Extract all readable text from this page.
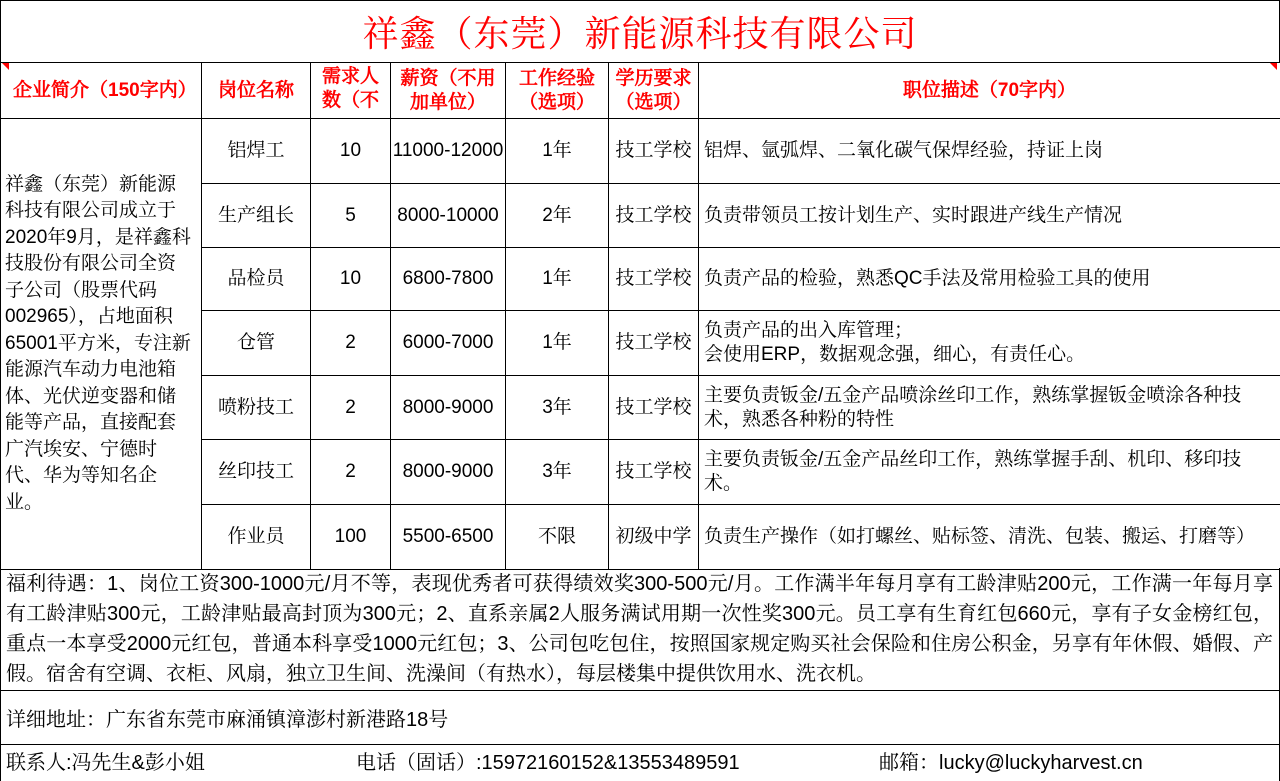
祥鑫（东莞）新能源科技有限公司
企业简介（150字内）	岗位名称	需求人数（不	薪资（不用加单位）	工作经验（选项）	学历要求（选项）	职位描述（70字内）
祥鑫（东莞）新能源科技有限公司成立于2020年9月，是祥鑫科技股份有限公司全资子公司（股票代码002965），占地面积65001平方米，专注新能源汽车动力电池箱体、光伏逆变器和储能等产品，直接配套广汽埃安、宁德时代、华为等知名企业。	铝焊工	10	11000-12000	1年	技工学校	铝焊、氩弧焊、二氧化碳气保焊经验，持证上岗
	生产组长	5	8000-10000	2年	技工学校	负责带领员工按计划生产、实时跟进产线生产情况
	品检员	10	6800-7800	1年	技工学校	负责产品的检验，熟悉QC手法及常用检验工具的使用
	仓管	2	6000-7000	1年	技工学校	负责产品的出入库管理；
会使用ERP，数据观念强，细心，有责任心。
	喷粉技工	2	8000-9000	3年	技工学校	主要负责钣金/五金产品喷涂丝印工作，熟练掌握钣金喷涂各种技术，熟悉各种粉的特性
	丝印技工	2	8000-9000	3年	技工学校	主要负责钣金/五金产品丝印工作，熟练掌握手刮、机印、移印技术。
	作业员	100	5500-6500	不限	初级中学	负责生产操作（如打螺丝、贴标签、清洗、包装、搬运、打磨等）
福利待遇：1、岗位工资300-1000元/月不等，表现优秀者可获得绩效奖300-500元/月。工作满半年每月享有工龄津贴200元，工作满一年每月享有工龄津贴300元，工龄津贴最高封顶为300元；2、直系亲属2人服务满试用期一次性奖300元。员工享有生育红包660元，享有子女金榜红包，重点一本享受2000元红包，普通本科享受1000元红包；3、公司包吃包住，按照国家规定购买社会保险和住房公积金，另享有年休假、婚假、产假。宿舍有空调、衣柜、风扇，独立卫生间、洗澡间（有热水），每层楼集中提供饮用水、洗衣机。
详细地址：广东省东莞市麻涌镇漳澎村新港路18号
联系人:冯先生&彭小姐	电话（固话）:15972160152&13553489591	邮箱：lucky@luckyharvest.cn
